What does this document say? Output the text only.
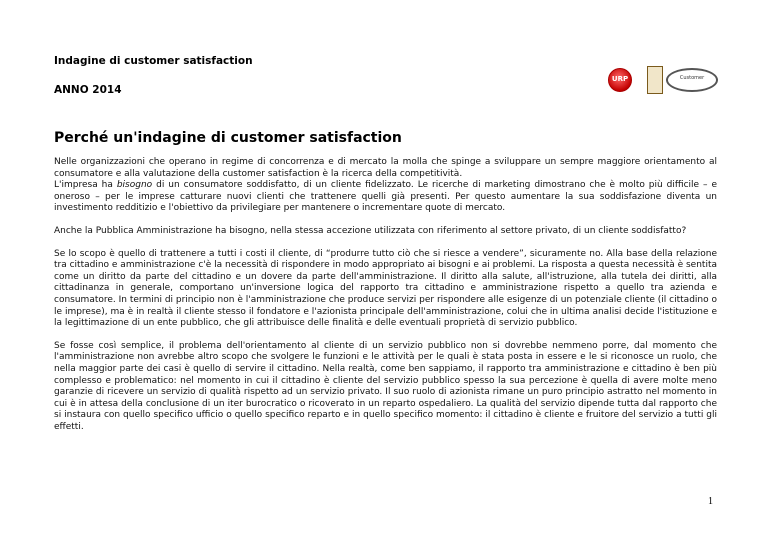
Indagine di customer satisfaction
ANNO 2014
URP	Customer
Perché un'indagine di customer satisfaction

Nelle organizzazioni che operano in regime di concorrenza e di mercato la molla che spinge a sviluppare un sempre maggiore orientamento al consumatore e alla valutazione della customer satisfaction è la ricerca della competitività.
L'impresa ha bisogno di un consumatore soddisfatto, di un cliente fidelizzato. Le ricerche di marketing dimostrano che è molto più difficile – e oneroso – per le imprese catturare nuovi clienti che trattenere quelli già presenti. Per questo aumentare la sua soddisfazione diventa un investimento redditizio e l'obiettivo da privilegiare per mantenere o incrementare quote di mercato.

Anche la Pubblica Amministrazione ha bisogno, nella stessa accezione utilizzata con riferimento al settore privato, di un cliente soddisfatto?

Se lo scopo è quello di trattenere a tutti i costi il cliente, di “produrre tutto ciò che si riesce a vendere”, sicuramente no. Alla base della relazione tra cittadino e amministrazione c'è la necessità di rispondere in modo appropriato ai bisogni e ai problemi. La risposta a questa necessità è sentita come un diritto da parte del cittadino e un dovere da parte dell'amministrazione. Il diritto alla salute, all'istruzione, alla tutela dei diritti, alla cittadinanza in generale, comportano un'inversione logica del rapporto tra cittadino e amministrazione rispetto a quello tra azienda e consumatore. In termini di principio non è l'amministrazione che produce servizi per rispondere alle esigenze di un potenziale cliente (il cittadino o le imprese), ma è in realtà il cliente stesso il fondatore e l'azionista principale dell'amministrazione, colui che in ultima analisi decide l'istituzione e la legittimazione di un ente pubblico, che gli attribuisce delle finalità e delle eventuali proprietà di servizio pubblico.

Se fosse così semplice, il problema dell'orientamento al cliente di un servizio pubblico non si dovrebbe nemmeno porre, dal momento che l'amministrazione non avrebbe altro scopo che svolgere le funzioni e le attività per le quali è stata posta in essere e le si riconosce un ruolo, che nella maggior parte dei casi è quello di servire il cittadino. Nella realtà, come ben sappiamo, il rapporto tra amministrazione e cittadino è ben più complesso e problematico: nel momento in cui il cittadino è cliente del servizio pubblico spesso la sua percezione è quella di avere molte meno garanzie di ricevere un servizio di qualità rispetto ad un servizio privato. Il suo ruolo di azionista rimane un puro principio astratto nel momento in cui è in attesa della conclusione di un iter burocratico o ricoverato in un reparto ospedaliero. La qualità del servizio dipende tutta dal rapporto che si instaura con quello specifico ufficio o quello specifico reparto e in quello specifico momento: il cittadino è cliente e fruitore del servizio a tutti gli effetti.

1
